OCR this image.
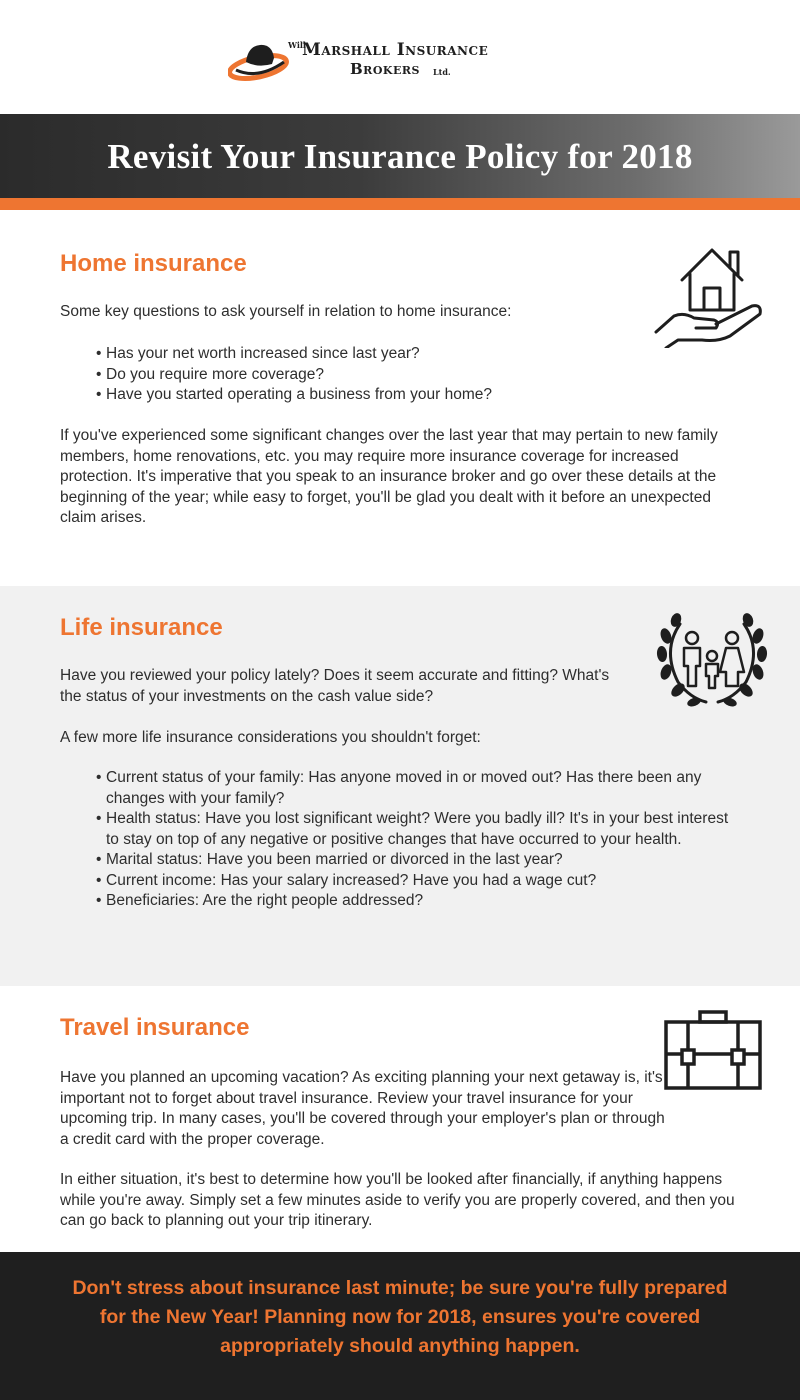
Will
Marshall Insurance
Brokers Ltd.
Revisit Your Insurance Policy for 2018
Home insurance

Some key questions to ask yourself in relation to home insurance:

• Has your net worth increased since last year?
• Do you require more coverage?
• Have you started operating a business from your home?

If you've experienced some significant changes over the last year that may pertain to new family members, home renovations, etc. you may require more insurance coverage for increased protection. It's imperative that you speak to an insurance broker and go over these details at the beginning of the year; while easy to forget, you'll be glad you dealt with it before an unexpected claim arises.

Life insurance

Have you reviewed your policy lately? Does it seem accurate and fitting? What's the status of your investments on the cash value side?

A few more life insurance considerations you shouldn't forget:

• Current status of your family: Has anyone moved in or moved out? Has there been any changes with your family?
• Health status: Have you lost significant weight? Were you badly ill? It's in your best interest to stay on top of any negative or positive changes that have occurred to your health.
• Marital status: Have you been married or divorced in the last year?
• Current income: Has your salary increased? Have you had a wage cut?
• Beneficiaries: Are the right people addressed?
Travel insurance

Have you planned an upcoming vacation? As exciting planning your next getaway is, it's important not to forget about travel insurance. Review your travel insurance for your upcoming trip. In many cases, you'll be covered through your employer's plan or through a credit card with the proper coverage.

In either situation, it's best to determine how you'll be looked after financially, if anything happens while you're away. Simply set a few minutes aside to verify you are properly covered, and then you can go back to planning out your trip itinerary.

Don't stress about insurance last minute; be sure you're fully prepared for the New Year! Planning now for 2018, ensures you're covered appropriately should anything happen.
